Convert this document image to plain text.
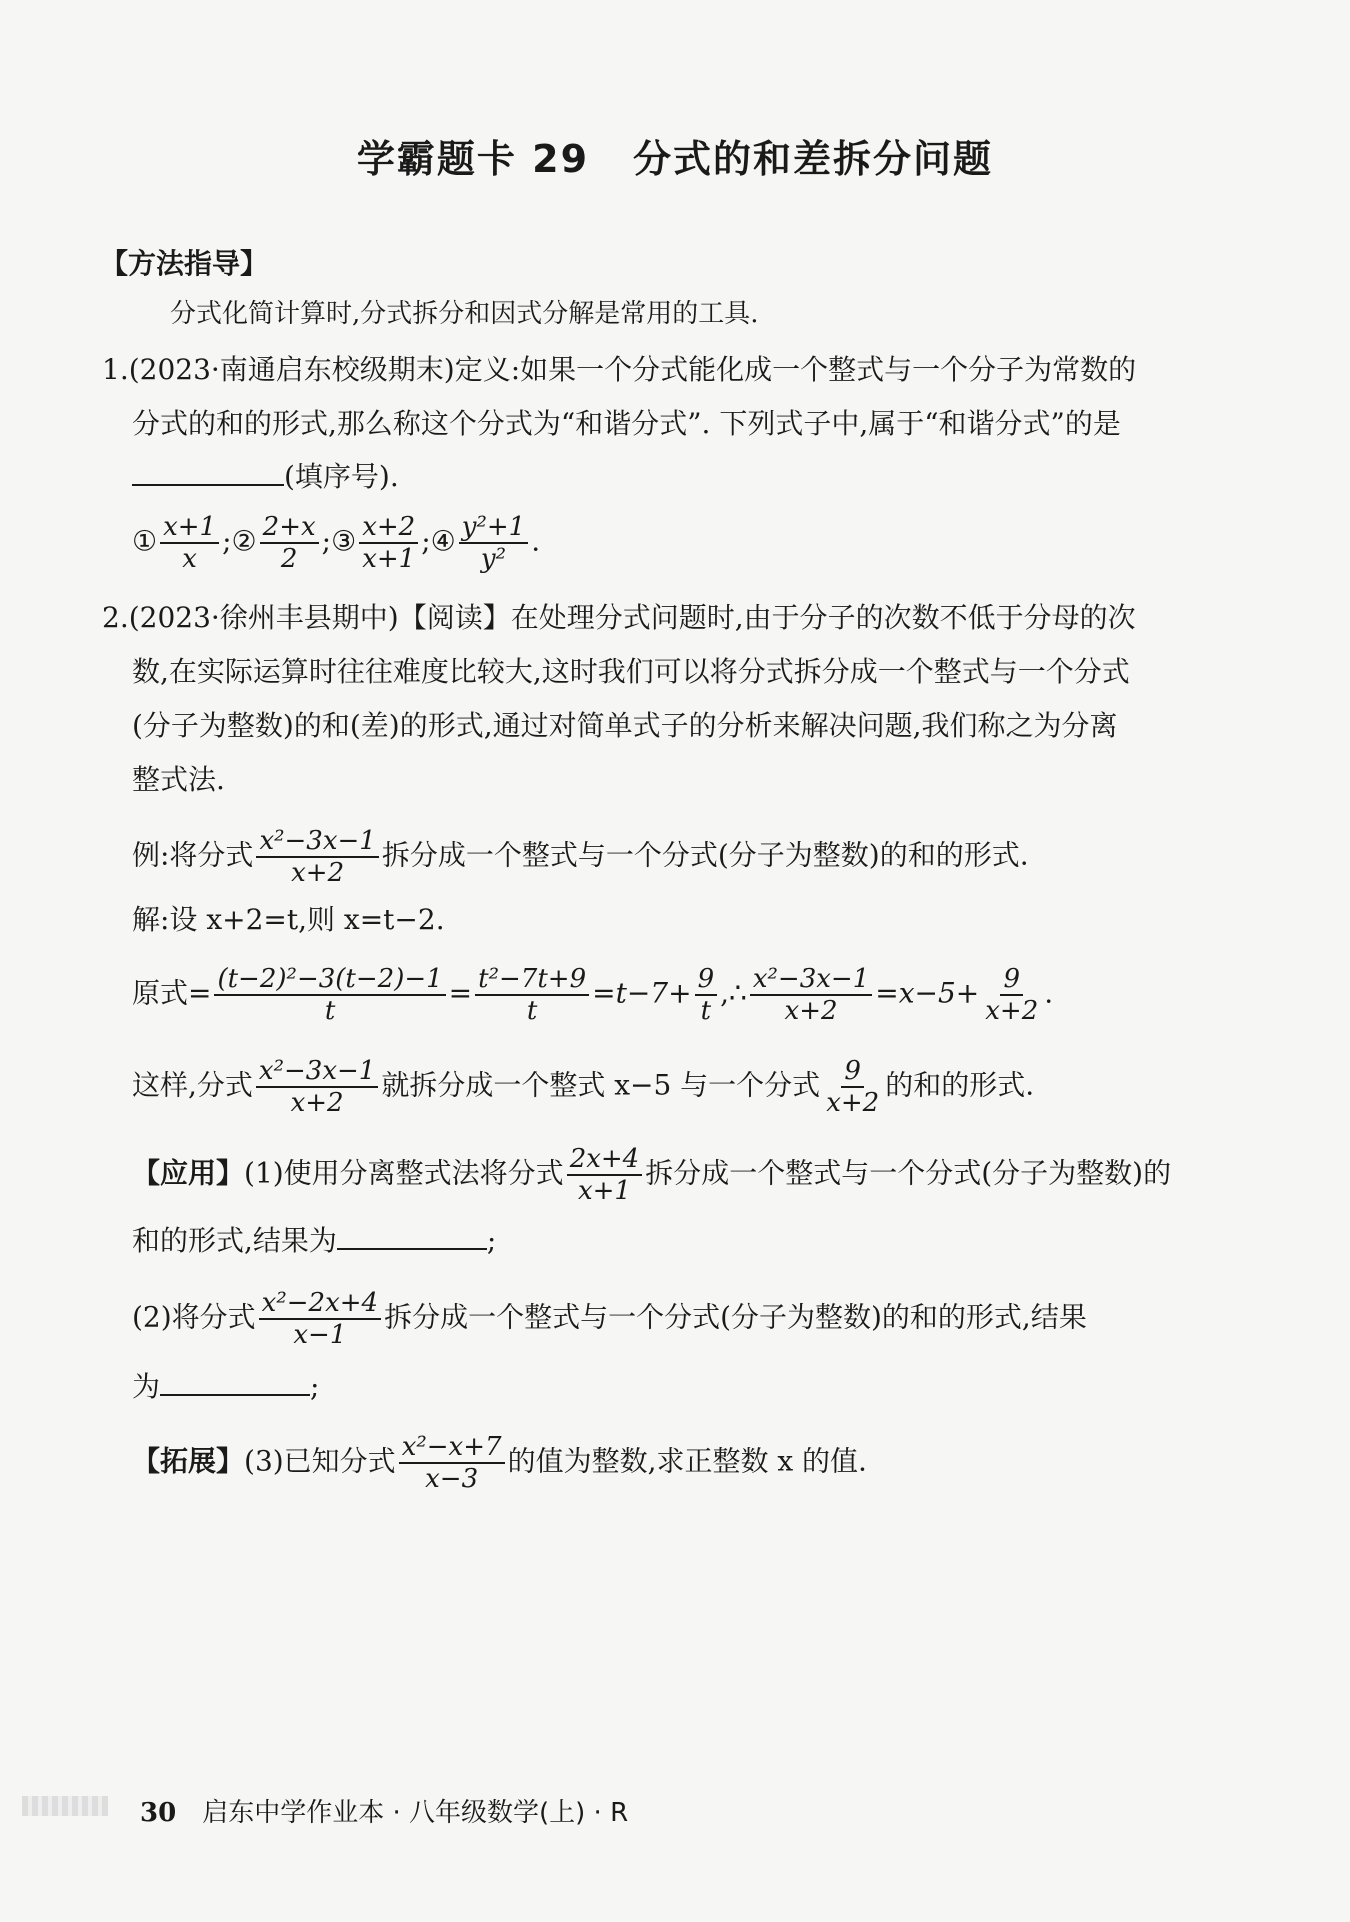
学霸题卡 29 分式的和差拆分问题
【方法指导】
分式化简计算时,分式拆分和因式分解是常用的工具.
1.(2023·南通启东校级期末)定义:如果一个分式能化成一个整式与一个分子为常数的
分式的和的形式,那么称这个分式为“和谐分式”. 下列式子中,属于“和谐分式”的是
(填序号).
① $\frac{x+1}{x}$ ;② $\frac{2+x}{2}$ ;③ $\frac{x+2}{x+1}$ ;④ $\frac{\text{y²+1}}{\text{y²}}$ .
2.(2023·徐州丰县期中)【阅读】在处理分式问题时,由于分子的次数不低于分母的次
数,在实际运算时往往难度比较大,这时我们可以将分式拆分成一个整式与一个分式
(分子为整数)的和(差)的形式,通过对简单式子的分析来解决问题,我们称之为分离
整式法.
例:将分式 $\frac{\text{x²−3x−1}}{x+2}$ 拆分成一个整式与一个分式(分子为整数)的和的形式.
解:设 x+2=t,则 x=t−2.
原式= $\frac{\text{(t−2)²−3(t−2)−1}}{t} = \frac{\text{t²−7t+9}}{t} =t-7+ \frac{9}{t}$ ,∴ $\frac{\text{x²−3x−1}}{x+2} =x-5+ \frac{9}{x+2}$ .
这样,分式 $\frac{\text{x²−3x−1}}{x+2}$ 就拆分成一个整式 x−5 与一个分式 $\frac{9}{x+2}$ 的和的形式.
【应用】(1)使用分离整式法将分式 $\frac{2x+4}{x+1}$ 拆分成一个整式与一个分式(分子为整数)的
和的形式,结果为	;
(2)将分式 $\frac{\text{x²−2x+4}}{x-1}$ 拆分成一个整式与一个分式(分子为整数)的和的形式,结果
为	;
【拓展】(3)已知分式 $\frac{\text{x²−x+7}}{x-3}$ 的值为整数,求正整数 x 的值.
30 启东中学作业本 · 八年级数学(上) · R
